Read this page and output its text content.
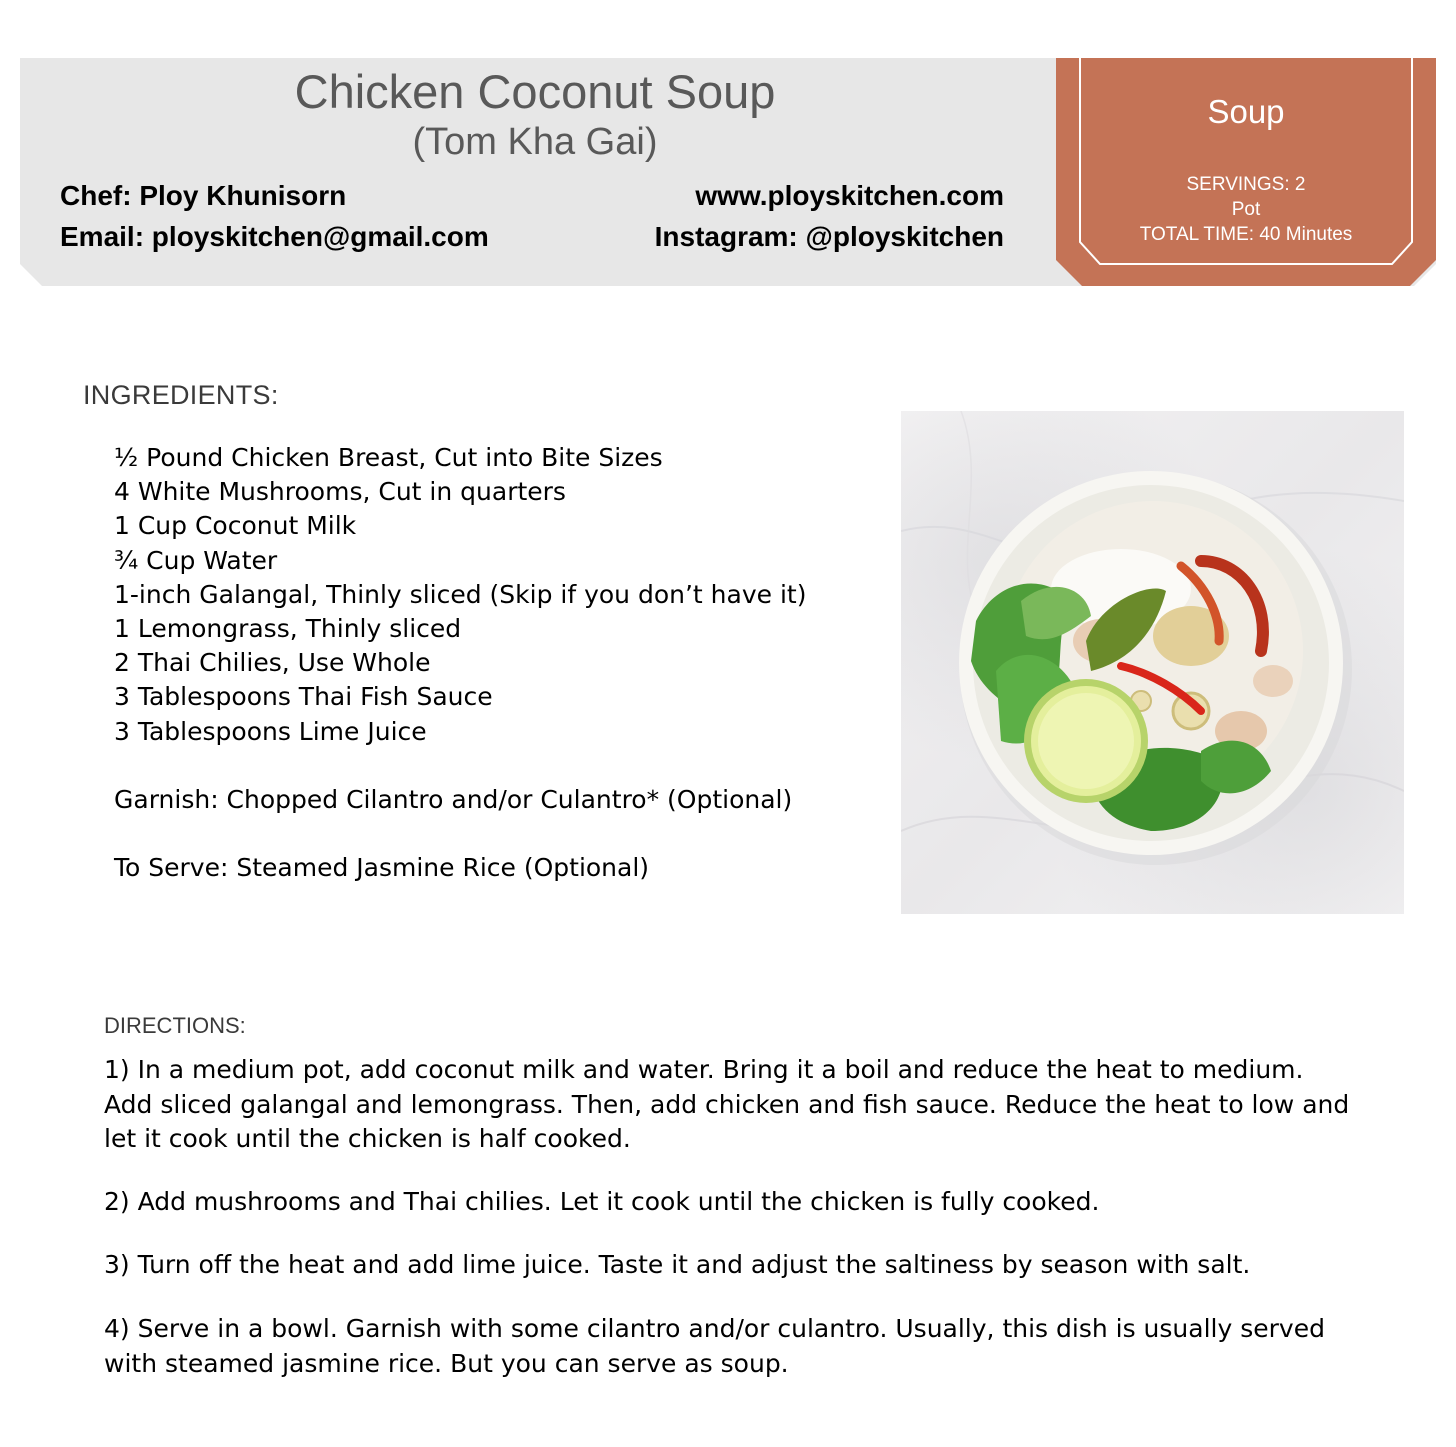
Chicken Coconut Soup
(Tom Kha Gai)
Chef: Ploy Khunisorn
Email: ployskitchen@gmail.com
www.ployskitchen.com
Instagram: @ployskitchen
Soup
SERVINGS: 2
Pot
TOTAL TIME: 40 Minutes
INGREDIENTS:
½ Pound Chicken Breast, Cut into Bite Sizes
4 White Mushrooms, Cut in quarters
1 Cup Coconut Milk
¾ Cup Water
1-inch Galangal, Thinly sliced (Skip if you don’t have it)
1 Lemongrass, Thinly sliced
2 Thai Chilies, Use Whole
3 Tablespoons Thai Fish Sauce
3 Tablespoons Lime Juice
Garnish: Chopped Cilantro and/or Culantro* (Optional)
To Serve: Steamed Jasmine Rice (Optional)
DIRECTIONS:
1) In a medium pot, add coconut milk and water. Bring it a boil and reduce the heat to medium. Add sliced galangal and lemongrass. Then, add chicken and fish sauce. Reduce the heat to low and let it cook until the chicken is half cooked.
2) Add mushrooms and Thai chilies. Let it cook until the chicken is fully cooked.
3) Turn off the heat and add lime juice. Taste it and adjust the saltiness by season with salt.
4) Serve in a bowl. Garnish with some cilantro and/or culantro. Usually, this dish is usually served with steamed jasmine rice. But you can serve as soup.
